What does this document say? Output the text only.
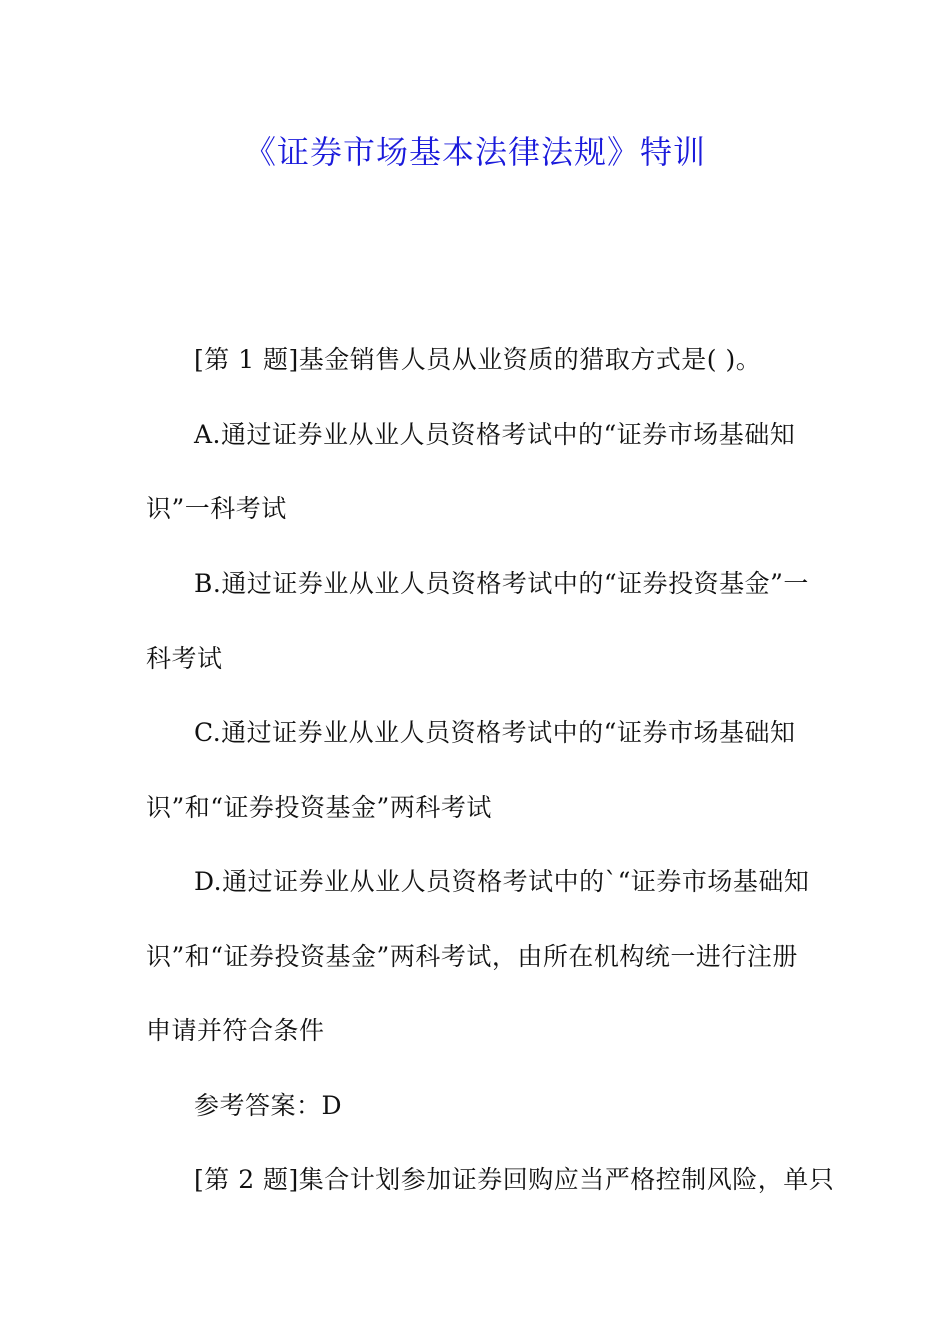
《证券市场基本法律法规》特训
[第 1 题]基金销售人员从业资质的猎取方式是( )。
A.通过证券业从业人员资格考试中的“证券市场基础知
识”一科考试
B.通过证券业从业人员资格考试中的“证券投资基金”一
科考试
C.通过证券业从业人员资格考试中的“证券市场基础知
识”和“证券投资基金”两科考试
D.通过证券业从业人员资格考试中的`“证券市场基础知
识”和“证券投资基金”两科考试，由所在机构统一进行注册
申请并符合条件
参考答案：D
[第 2 题]集合计划参加证券回购应当严格控制风险，单只
